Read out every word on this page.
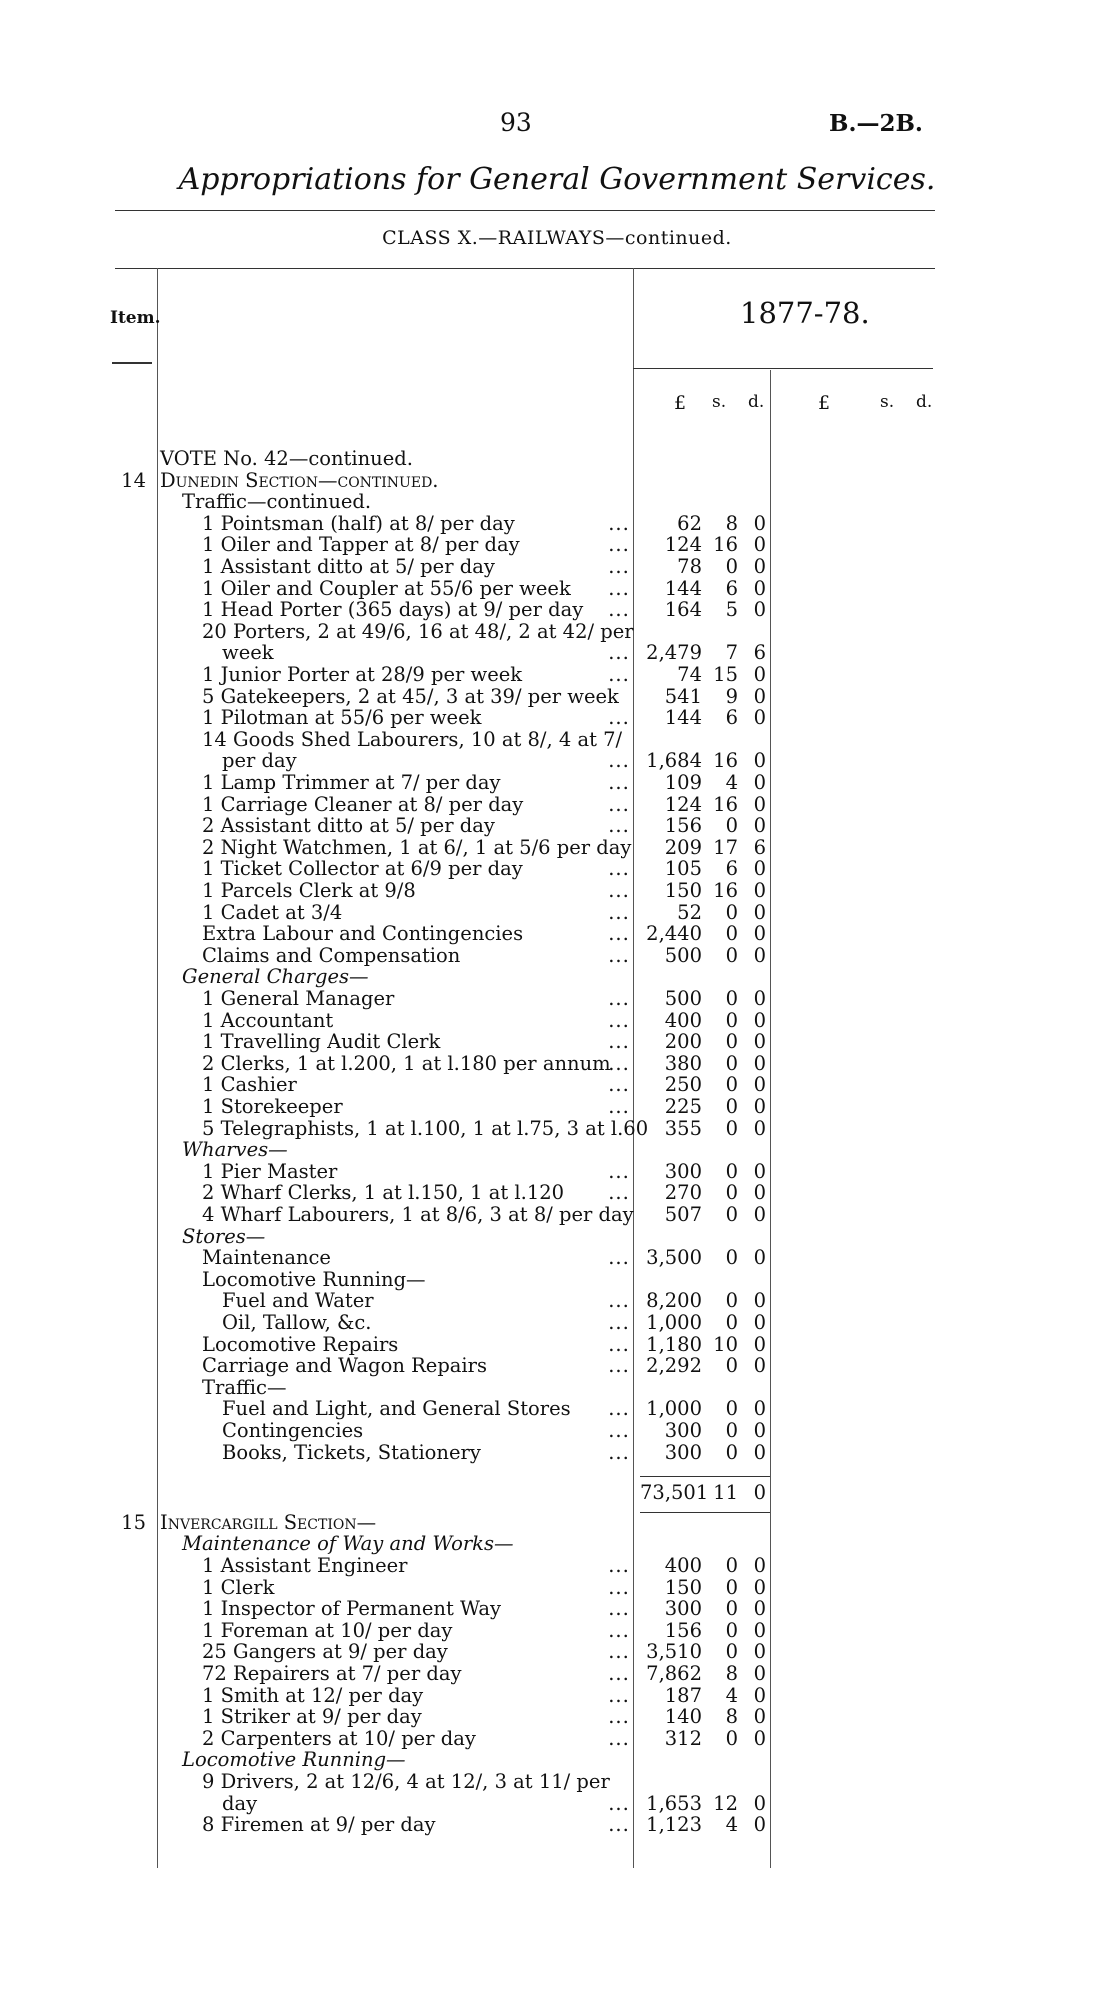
93	B.—2B.
Appropriations for General Government Services.
CLASS X.—RAILWAYS—continued.
Item.	1877-78.
£ s. d.	£	s. d.
VOTE No. 42—continued.
14 Dunedin Section—continued.
Traffic—continued.
1 Pointsman (half) at 8/ per day	...	62	8 0
1 Oiler and Tapper at 8/ per day	...	124 16 0
1 Assistant ditto at 5/ per day	...	78	0 0
1 Oiler and Coupler at 55/6 per week ...	144	6 0
1 Head Porter (365 days) at 9/ per day ...	164	5 0
20 Porters, 2 at 49/6, 16 at 48/, 2 at 42/ per
week	... 2,479	7 6
1 Junior Porter at 28/9 per week	...	74 15 0
5 Gatekeepers, 2 at 45/, 3 at 39/ per week	541	9 0
1 Pilotman at 55/6 per week	...	144	6 0
14 Goods Shed Labourers, 10 at 8/, 4 at 7/
per day	... 1,684 16 0
1 Lamp Trimmer at 7/ per day	...	109	4 0
1 Carriage Cleaner at 8/ per day	...	124 16 0
2 Assistant ditto at 5/ per day	...	156	0 0
2 Night Watchmen, 1 at 6/, 1 at 5/6 per day	209 17 6
1 Ticket Collector at 6/9 per day	...	105	6 0
1 Parcels Clerk at 9/8	...	150 16 0
1 Cadet at 3/4	...	52	0 0
Extra Labour and Contingencies	... 2,440	0 0
Claims and Compensation	...	500	0 0
General Charges—
1 General Manager	...	500	0 0
1 Accountant	...	400	0 0
1 Travelling Audit Clerk	...	200	0 0
2 Clerks, 1 at l.200, 1 at l.180 per annum
...	380	0 0
1 Cashier	...	250	0 0
1 Storekeeper	...	225	0 0
5 Telegraphists, 1 at l.100, 1 at l.75, 3 at l.60 355	0 0
Wharves—
1 Pier Master	...	300	0 0
2 Wharf Clerks, 1 at l.150, 1 at l.120 ...	270	0 0
4 Wharf Labourers, 1 at 8/6, 3 at 8/ per day	507	0 0
Stores—
Maintenance	... 3,500	0 0
Locomotive Running—
Fuel and Water	... 8,200	0 0
Oil, Tallow, &c.	... 1,000	0 0
Locomotive Repairs	... 1,180 10 0
Carriage and Wagon Repairs	... 2,292	0 0
Traffic—
Fuel and Light, and General Stores ... 1,000	0 0
Contingencies	...	300	0 0
Books, Tickets, Stationery	...	300	0 0
73,501 11 0
15 Invercargill Section—
Maintenance of Way and Works—
1 Assistant Engineer	...	400	0 0
1 Clerk	...	150	0 0
1 Inspector of Permanent Way	...	300	0 0
1 Foreman at 10/ per day	...	156	0 0
25 Gangers at 9/ per day	... 3,510	0 0
72 Repairers at 7/ per day	... 7,862	8 0
1 Smith at 12/ per day	...	187	4 0
1 Striker at 9/ per day	...	140	8 0
2 Carpenters at 10/ per day	...	312	0 0
Locomotive Running—
9 Drivers, 2 at 12/6, 4 at 12/, 3 at 11/ per
day	... 1,653 12 0
8 Firemen at 9/ per day	... 1,123	4 0
